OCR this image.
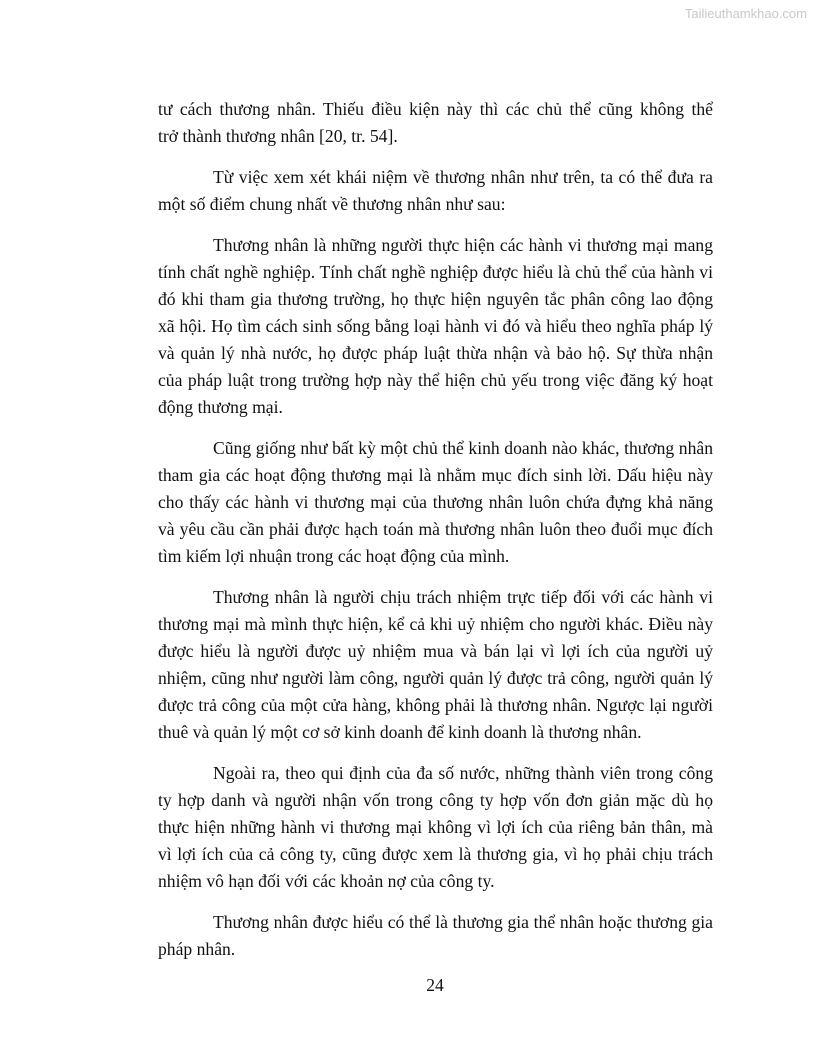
Tailieuthamkhao.com
tư cách thương nhân. Thiếu điều kiện này thì các chủ thể cũng không thể
trở thành thương nhân [20, tr. 54].
Từ việc xem xét khái niệm về thương nhân như trên, ta có thể đưa ra
một số điểm chung nhất về thương nhân như sau:
Thương nhân là những người thực hiện các hành vi thương mại mang
tính chất nghề nghiệp. Tính chất nghề nghiệp được hiểu là chủ thể của hành vi
đó khi tham gia thương trường, họ thực hiện nguyên tắc phân công lao động
xã hội. Họ tìm cách sinh sống bằng loại hành vi đó và hiểu theo nghĩa pháp lý
và quản lý nhà nước, họ được pháp luật thừa nhận và bảo hộ. Sự thừa nhận
của pháp luật trong trường hợp này thể hiện chủ yếu trong việc đăng ký hoạt
động thương mại.
Cũng giống như bất kỳ một chủ thể kinh doanh nào khác, thương nhân
tham gia các hoạt động thương mại là nhằm mục đích sinh lời. Dấu hiệu này
cho thấy các hành vi thương mại của thương nhân luôn chứa đựng khả năng
và yêu cầu cần phải được hạch toán mà thương nhân luôn theo đuổi mục đích
tìm kiếm lợi nhuận trong các hoạt động của mình.
Thương nhân là người chịu trách nhiệm trực tiếp đối với các hành vi
thương mại mà mình thực hiện, kể cả khi uỷ nhiệm cho người khác. Điều này
được hiểu là người được uỷ nhiệm mua và bán lại vì lợi ích của người uỷ
nhiệm, cũng như người làm công, người quản lý được trả công, người quản lý
được trả công của một cửa hàng, không phải là thương nhân. Ngược lại người
thuê và quản lý một cơ sở kinh doanh để kinh doanh là thương nhân.
Ngoài ra, theo qui định của đa số nước, những thành viên trong công
ty hợp danh và người nhận vốn trong công ty hợp vốn đơn giản mặc dù họ
thực hiện những hành vi thương mại không vì lợi ích của riêng bản thân, mà
vì lợi ích của cả công ty, cũng được xem là thương gia, vì họ phải chịu trách
nhiệm vô hạn đối với các khoản nợ của công ty.
Thương nhân được hiểu có thể là thương gia thể nhân hoặc thương gia
pháp nhân.
24
